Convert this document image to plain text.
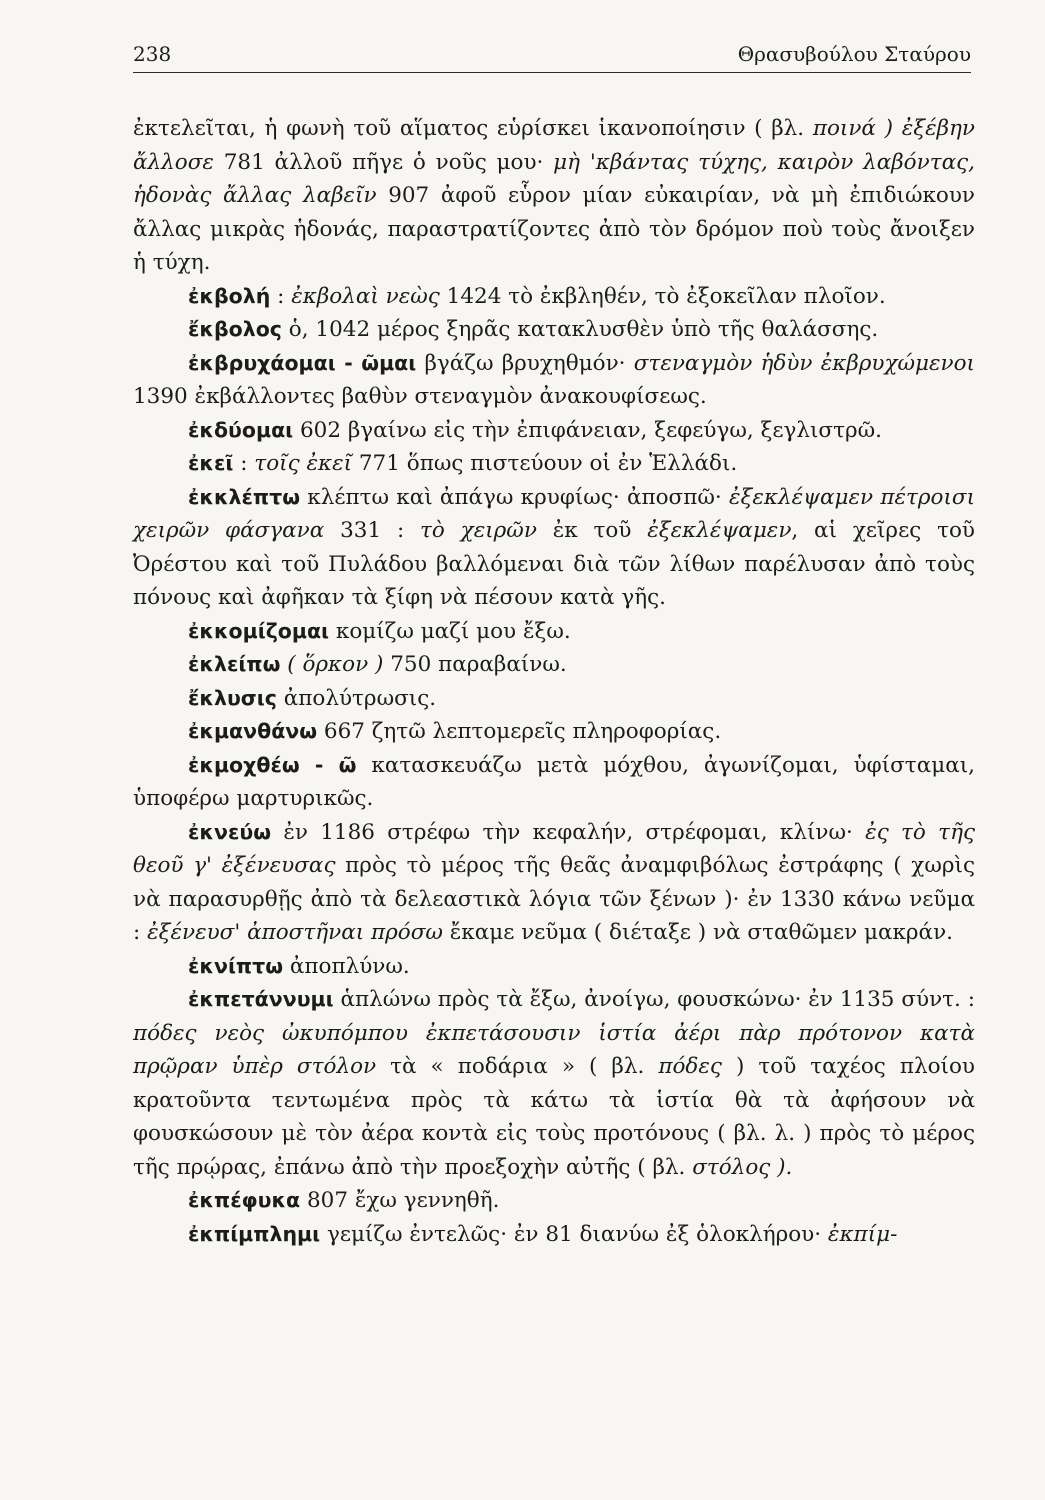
238	Θρασυβούλου Σταύρου

ἐκτελεῖται, ἡ φωνὴ τοῦ αἵματος εὑρίσκει ἱκανοποίησιν ( βλ. ποινά ) ἐξέβην ἄλλοσε 781 ἀλλοῦ πῆγε ὁ νοῦς μου· μὴ 'κβάντας τύχης, καιρὸν λαβόντας, ἡδονὰς ἄλλας λαβεῖν 907 ἀφοῦ εὗρον μίαν εὐκαιρίαν, νὰ μὴ ἐπιδιώκουν ἄλλας μικρὰς ἡδονάς, παραστρατίζοντες ἀπὸ τὸν δρόμον ποὺ τοὺς ἄνοιξεν ἡ τύχη.

ἐκβολή : ἐκβολαὶ νεὼς 1424 τὸ ἐκβληθέν, τὸ ἐξοκεῖλαν πλοῖον.

ἔκβολος ὁ, 1042 μέρος ξηρᾶς κατακλυσθὲν ὑπὸ τῆς θαλάσσης.

ἐκβρυχάομαι - ῶμαι βγάζω βρυχηθμόν· στεναγμὸν ἡδὺν ἐκβρυχώμενοι 1390 ἐκβάλλοντες βαθὺν στεναγμὸν ἀνακουφίσεως.

ἐκδύομαι 602 βγαίνω εἰς τὴν ἐπιφάνειαν, ξεφεύγω, ξεγλιστρῶ.

ἐκεῖ : τοῖς ἐκεῖ 771 ὅπως πιστεύουν οἱ ἐν Ἑλλάδι.

ἐκκλέπτω κλέπτω καὶ ἀπάγω κρυφίως· ἀποσπῶ· ἐξεκλέψαμεν πέτροισι χειρῶν φάσγανα 331 : τὸ χειρῶν ἐκ τοῦ ἐξεκλέψαμεν, αἱ χεῖρες τοῦ Ὀρέστου καὶ τοῦ Πυλάδου βαλλόμεναι διὰ τῶν λίθων παρέλυσαν ἀπὸ τοὺς πόνους καὶ ἀφῆκαν τὰ ξίφη νὰ πέσουν κατὰ γῆς.

ἐκκομίζομαι κομίζω μαζί μου ἔξω.

ἐκλείπω ( ὅρκον ) 750 παραβαίνω.

ἔκλυσις ἀπολύτρωσις.

ἐκμανθάνω 667 ζητῶ λεπτομερεῖς πληροφορίας.

ἐκμοχθέω - ῶ κατασκευάζω μετὰ μόχθου, ἀγωνίζομαι, ὑφίσταμαι, ὑποφέρω μαρτυρικῶς.

ἐκνεύω ἐν 1186 στρέφω τὴν κεφαλήν, στρέφομαι, κλίνω· ἐς τὸ τῆς θεοῦ γ' ἐξένευσας πρὸς τὸ μέρος τῆς θεᾶς ἀναμφιβόλως ἐστράφης ( χωρὶς νὰ παρασυρθῇς ἀπὸ τὰ δελεαστικὰ λόγια τῶν ξένων )· ἐν 1330 κάνω νεῦμα : ἐξένευσ' ἀποστῆναι πρόσω ἔκαμε νεῦμα ( διέταξε ) νὰ σταθῶμεν μακράν.

ἐκνίπτω ἀποπλύνω.

ἐκπετάννυμι ἁπλώνω πρὸς τὰ ἔξω, ἀνοίγω, φουσκώνω· ἐν 1135 σύντ. : πόδες νεὸς ὠκυπόμπου ἐκπετάσουσιν ἱστία ἀέρι πὰρ πρότονον κατὰ πρῷραν ὑπὲρ στόλον τὰ « ποδάρια » ( βλ. πόδες ) τοῦ ταχέος πλοίου κρατοῦντα τεντωμένα πρὸς τὰ κάτω τὰ ἱστία θὰ τὰ ἀφήσουν νὰ φουσκώσουν μὲ τὸν ἀέρα κοντὰ εἰς τοὺς προτόνους ( βλ. λ. ) πρὸς τὸ μέρος τῆς πρῴρας, ἐπάνω ἀπὸ τὴν προεξοχὴν αὐτῆς ( βλ. στόλος ).

ἐκπέφυκα 807 ἔχω γεννηθῆ.

ἐκπίμπλημι γεμίζω ἐντελῶς· ἐν 81 διανύω ἐξ ὁλοκλήρου· ἐκπίμ-
